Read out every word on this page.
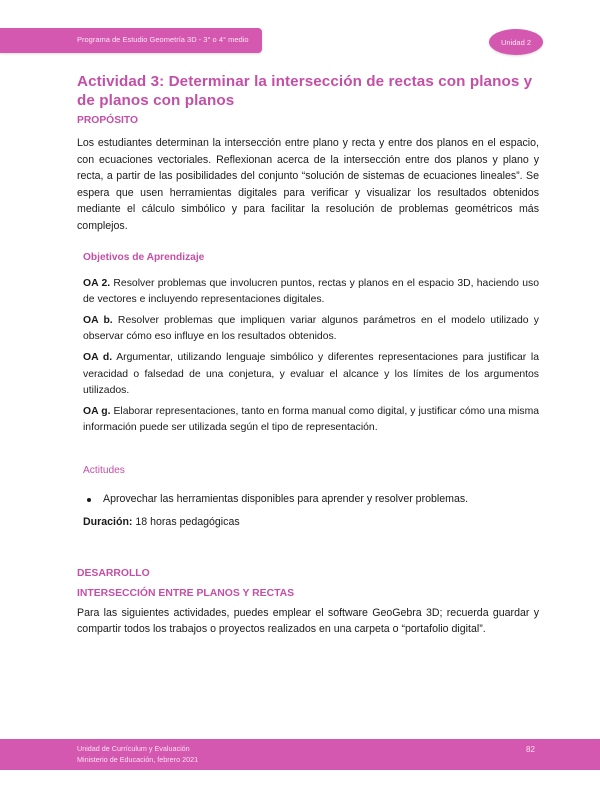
Programa de Estudio Geometría 3D - 3° o 4° medio	Unidad 2
Actividad 3: Determinar la intersección de rectas con planos y de planos con planos
PROPÓSITO

Los estudiantes determinan la intersección entre plano y recta y entre dos planos en el espacio, con ecuaciones vectoriales. Reflexionan acerca de la intersección entre dos planos y plano y recta, a partir de las posibilidades del conjunto “solución de sistemas de ecuaciones lineales”. Se espera que usen herramientas digitales para verificar y visualizar los resultados obtenidos mediante el cálculo simbólico y para facilitar la resolución de problemas geométricos más complejos.

Objetivos de Aprendizaje

OA 2. Resolver problemas que involucren puntos, rectas y planos en el espacio 3D, haciendo uso de vectores e incluyendo representaciones digitales.

OA b. Resolver problemas que impliquen variar algunos parámetros en el modelo utilizado y observar cómo eso influye en los resultados obtenidos.

OA d. Argumentar, utilizando lenguaje simbólico y diferentes representaciones para justificar la veracidad o falsedad de una conjetura, y evaluar el alcance y los límites de los argumentos utilizados.

OA g. Elaborar representaciones, tanto en forma manual como digital, y justificar cómo una misma información puede ser utilizada según el tipo de representación.

Actitudes
Aprovechar las herramientas disponibles para aprender y resolver problemas.
Duración: 18 horas pedagógicas
DESARROLLO
INTERSECCIÓN ENTRE PLANOS Y RECTAS

Para las siguientes actividades, puedes emplear el software GeoGebra 3D; recuerda guardar y compartir todos los trabajos o proyectos realizados en una carpeta o “portafolio digital”.

Unidad de Currículum y Evaluación
Ministerio de Educación, febrero 2021
82
